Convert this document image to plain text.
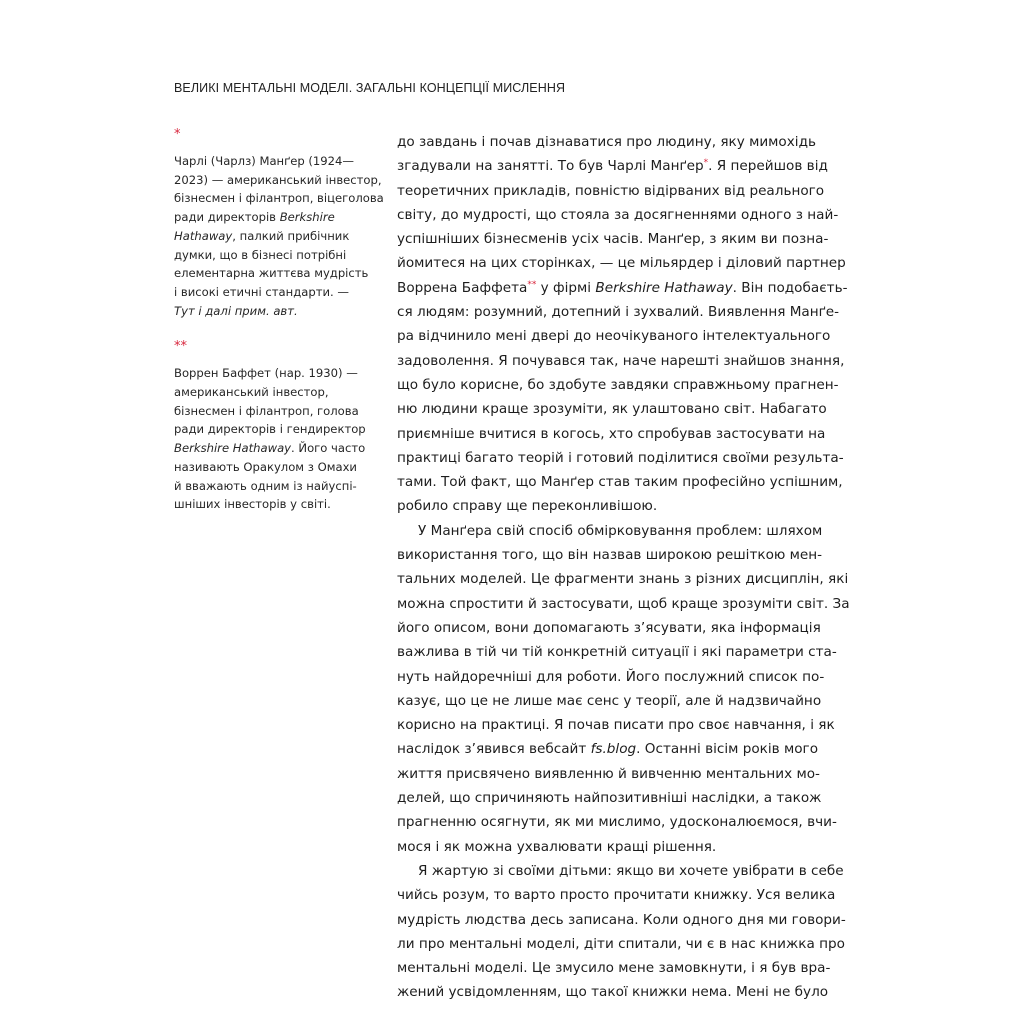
ВЕЛИКІ МЕНТАЛЬНІ МОДЕЛІ. ЗАГАЛЬНІ КОНЦЕПЦІЇ МИСЛЕННЯ
*
Чарлі (Чарлз) Манґер (1924—
2023) — американський інвестор,
бізнесмен і філантроп, віцеголова
ради директорів Berkshire
Hathaway, палкий прибічник
думки, що в бізнесі потрібні
елементарна життєва мудрість
і високі етичні стандарти. —
Тут і далі прим. авт.
**
Воррен Баффет (нар. 1930) —
американський інвестор,
бізнесмен і філантроп, голова
ради директорів і гендиректор
Berkshire Hathaway. Його часто
називають Оракулом з Омахи
й вважають одним із найуспі-
шніших інвесторів у світі.
до завдань і почав дізнаватися про людину, яку мимохідь
згадували на занятті. То був Чарлі Манґер*. Я перейшов від
теоретичних прикладів, повністю відірваних від реального
світу, до мудрості, що стояла за досягненнями одного з най-
успішніших бізнесменів усіх часів. Манґер, з яким ви позна-
йомитеся на цих сторінках, — це мільярдер і діловий партнер
Воррена Баффета** у фірмі Berkshire Hathaway. Він подобаєть-
ся людям: розумний, дотепний і зухвалий. Виявлення Манґе-
ра відчинило мені двері до неочікуваного інтелектуального
задоволення. Я почувався так, наче нарешті знайшов знання,
що було корисне, бо здобуте завдяки справжньому прагнен-
ню людини краще зрозуміти, як улаштовано світ. Набагато
приємніше вчитися в когось, хто спробував застосувати на
практиці багато теорій і готовий поділитися своїми результа-
тами. Той факт, що Манґер став таким професійно успішним,
робило справу ще переконливішою.
У Манґера свій спосіб обмірковування проблем: шляхом
використання того, що він назвав широкою решіткою мен-
тальних моделей. Це фрагменти знань з різних дисциплін, які
можна спростити й застосувати, щоб краще зрозуміти світ. За
його описом, вони допомагають з’ясувати, яка інформація
важлива в тій чи тій конкретній ситуації і які параметри ста-
нуть найдоречніші для роботи. Його послужний список по-
казує, що це не лише має сенс у теорії, але й надзвичайно
корисно на практиці. Я почав писати про своє навчання, і як
наслідок з’явився вебсайт fs.blog. Останні вісім років мого
життя присвячено виявленню й вивченню ментальних мо-
делей, що спричиняють найпозитивніші наслідки, а також
прагненню осягнути, як ми мислимо, удосконалюємося, вчи-
мося і як можна ухвалювати кращі рішення.
Я жартую зі своїми дітьми: якщо ви хочете увібрати в себе
чийсь розум, то варто просто прочитати книжку. Уся велика
мудрість людства десь записана. Коли одного дня ми говори-
ли про ментальні моделі, діти спитали, чи є в нас книжка про
ментальні моделі. Це змусило мене замовкнути, і я був вра-
жений усвідомленням, що такої книжки нема. Мені не було
